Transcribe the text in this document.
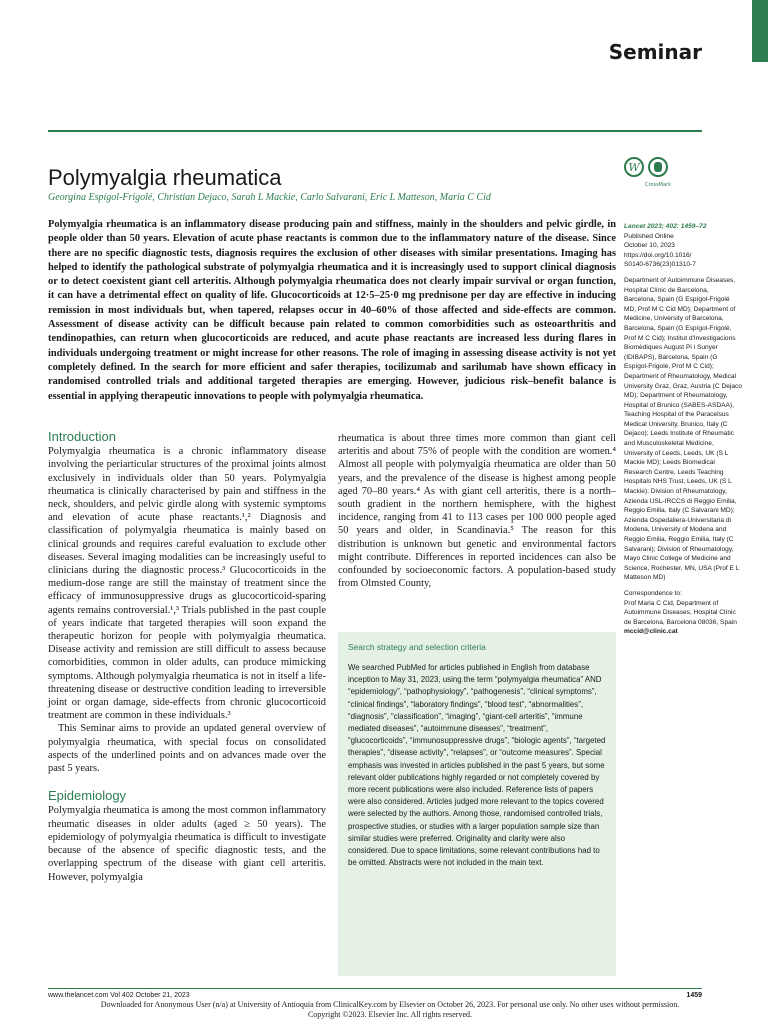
Seminar
Polymyalgia rheumatica
Georgina Espígol-Frigolé, Christian Dejaco, Sarah L Mackie, Carlo Salvarani, Eric L Matteson, Maria C Cid
W
CrossMark
Polymyalgia rheumatica is an inflammatory disease producing pain and stiffness, mainly in the shoulders and pelvic girdle, in people older than 50 years. Elevation of acute phase reactants is common due to the inflammatory nature of the disease. Since there are no specific diagnostic tests, diagnosis requires the exclusion of other diseases with similar presentations. Imaging has helped to identify the pathological substrate of polymyalgia rheumatica and it is increasingly used to support clinical diagnosis or to detect coexistent giant cell arteritis. Although polymyalgia rheumatica does not clearly impair survival or organ function, it can have a detrimental effect on quality of life. Glucocorticoids at 12·5–25·0 mg prednisone per day are effective in inducing remission in most individuals but, when tapered, relapses occur in 40–60% of those affected and side-effects are common. Assessment of disease activity can be difficult because pain related to common comorbidities such as osteoarthritis and tendinopathies, can return when glucocorticoids are reduced, and acute phase reactants are increased less during flares in individuals undergoing treatment or might increase for other reasons. The role of imaging in assessing disease activity is not yet completely defined. In the search for more efficient and safer therapies, tocilizumab and sarilumab have shown efficacy in randomised controlled trials and additional targeted therapies are emerging. However, judicious risk–benefit balance is essential in applying therapeutic innovations to people with polymyalgia rheumatica.

Lancet 2023; 402: 1459–72
Published Online
October 10, 2023
https://doi.org/10.1016/
S0140-6736(23)01310-7

Department of Autoimmune Diseases, Hospital Clínic de Barcelona, Barcelona, Spain (G Espígol-Frigolé MD, Prof M C Cid MD); Department of Medicine, University of Barcelona, Barcelona, Spain (G Espígol-Frigolé, Prof M C Cid); Institut d'Investigacions Biomèdiques August Pi i Sunyer (IDIBAPS), Barcelona, Spain (G Espígol-Frigolé, Prof M C Cid); Department of Rheumatology, Medical University Graz, Graz, Austria (C Dejaco MD); Department of Rheumatology, Hospital of Brunico (SABES-ASDAA), Teaching Hospital of the Paracelsus Medical University, Brunico, Italy (C Dejaco); Leeds Institute of Rheumatic and Musculoskeletal Medicine, University of Leeds, Leeds, UK (S L Mackie MD); Leeds Biomedical Research Centre, Leeds Teaching Hospitals NHS Trust, Leeds, UK (S L Mackie); Division of Rheumatology, Azienda USL-IRCCS di Reggio Emilia, Reggio Emilia, Italy (C Salvarani MD); Azienda Ospedaliera-Universitaria di Modena, University of Modena and Reggio Emilia, Reggio Emilia, Italy (C Salvarani); Division of Rheumatology, Mayo Clinic College of Medicine and Science, Rochester, MN, USA (Prof E L Matteson MD)

Correspondence to:
Prof Maria C Cid, Department of Autoimmune Diseases, Hospital Clínic de Barcelona, Barcelona 08036, Spain
mccid@clinic.cat

Introduction

Polymyalgia rheumatica is a chronic inflammatory disease involving the periarticular structures of the proximal joints almost exclusively in individuals older than 50 years. Polymyalgia rheumatica is clinically characterised by pain and stiffness in the neck, shoulders, and pelvic girdle along with systemic symptoms and elevation of acute phase reactants.¹,² Diagnosis and classification of polymyalgia rheumatica is mainly based on clinical grounds and requires careful evaluation to exclude other diseases. Several imaging modalities can be increasingly useful to clinicians during the diagnostic process.³ Glucocorticoids in the medium-dose range are still the mainstay of treatment since the efficacy of immunosuppressive drugs as glucocorticoid-sparing agents remains controversial.¹,³ Trials published in the past couple of years indicate that targeted therapies will soon expand the therapeutic horizon for people with polymyalgia rheumatica. Disease activity and remission are still difficult to assess because comorbidities, common in older adults, can produce mimicking symptoms. Although polymyalgia rheumatica is not in itself a life-threatening disease or destructive condition leading to irreversible joint or organ damage, side-effects from chronic glucocorticoid treatment are common in these individuals.³

This Seminar aims to provide an updated general overview of polymyalgia rheumatica, with special focus on consolidated aspects of the underlined points and on advances made over the past 5 years.

Epidemiology

Polymyalgia rheumatica is among the most common inflammatory rheumatic diseases in older adults (aged ≥ 50 years). The epidemiology of polymyalgia rheumatica is difficult to investigate because of the absence of specific diagnostic tests, and the overlapping spectrum of the disease with giant cell arteritis. However, polymyalgia

rheumatica is about three times more common than giant cell arteritis and about 75% of people with the condition are women.⁴ Almost all people with polymyalgia rheumatica are older than 50 years, and the prevalence of the disease is highest among people aged 70–80 years.⁴ As with giant cell arteritis, there is a north–south gradient in the northern hemisphere, with the highest incidence, ranging from 41 to 113 cases per 100 000 people aged 50 years and older, in Scandinavia.⁵ The reason for this distribution is unknown but genetic and environmental factors might contribute. Differences in reported incidences can also be confounded by socioeconomic factors. A population-based study from Olmsted County,

Search strategy and selection criteria

We searched PubMed for articles published in English from database inception to May 31, 2023, using the term “polymyalgia rheumatica” AND “epidemiology”, “pathophysiology”, “pathogenesis”, “clinical symptoms”, “clinical findings”, “laboratory findings”, “blood test”, “abnormalities”, “diagnosis”, “classification”, “imaging”, “giant-cell arteritis”, “immune mediated diseases”, “autoimmune diseases”, “treatment”, “glucocorticoids”, “immunosuppressive drugs”, “biologic agents”, “targeted therapies”, “disease activity”, “relapses”, or “outcome measures”. Special emphasis was invested in articles published in the past 5 years, but some relevant older publications highly regarded or not completely covered by more recent publications were also included. Reference lists of papers were also considered. Articles judged more relevant to the topics covered were selected by the authors. Among those, randomised controlled trials, prospective studies, or studies with a larger population sample size than similar studies were preferred. Originality and clarity were also considered. Due to space limitations, some relevant contributions had to be omitted. Abstracts were not included in the main text.

www.thelancet.com Vol 402 October 21, 2023	1459
Downloaded for Anonymous User (n/a) at University of Antioquia from ClinicalKey.com by Elsevier on October 26, 2023. For personal use only. No other uses without permission. Copyright ©2023. Elsevier Inc. All rights reserved.
